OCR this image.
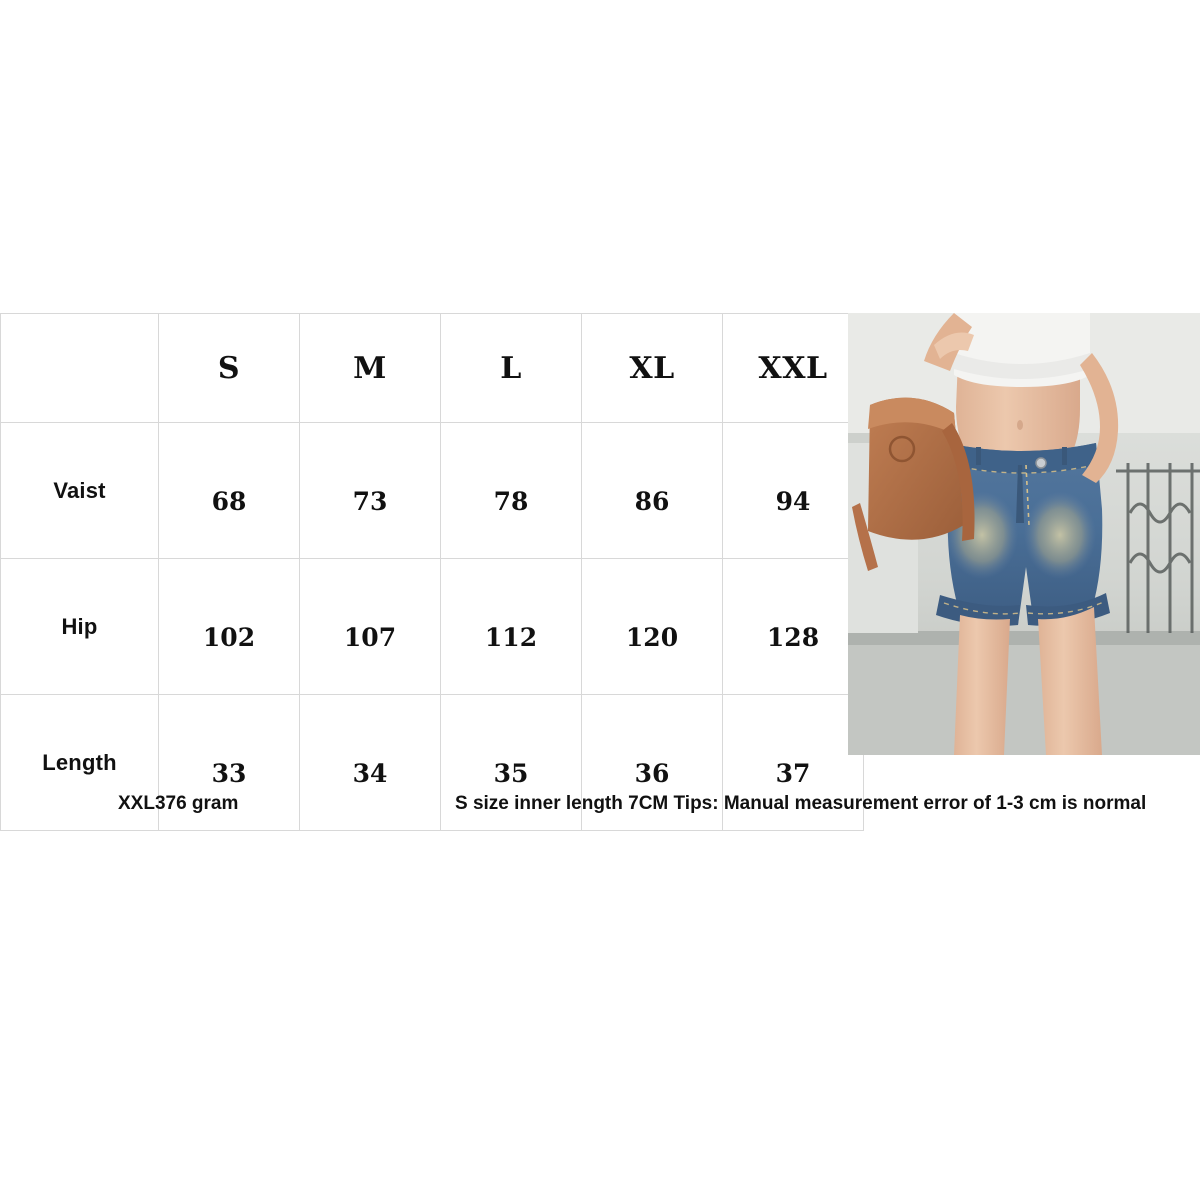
	S	M	L	XL	XXL
Vaist	68	73	78	86	94
Hip	102	107	112	120	128
Length	33	34	35	36	37
XXL376 gram	S size inner length 7CM Tips: Manual measurement error of 1-3 cm is normal
